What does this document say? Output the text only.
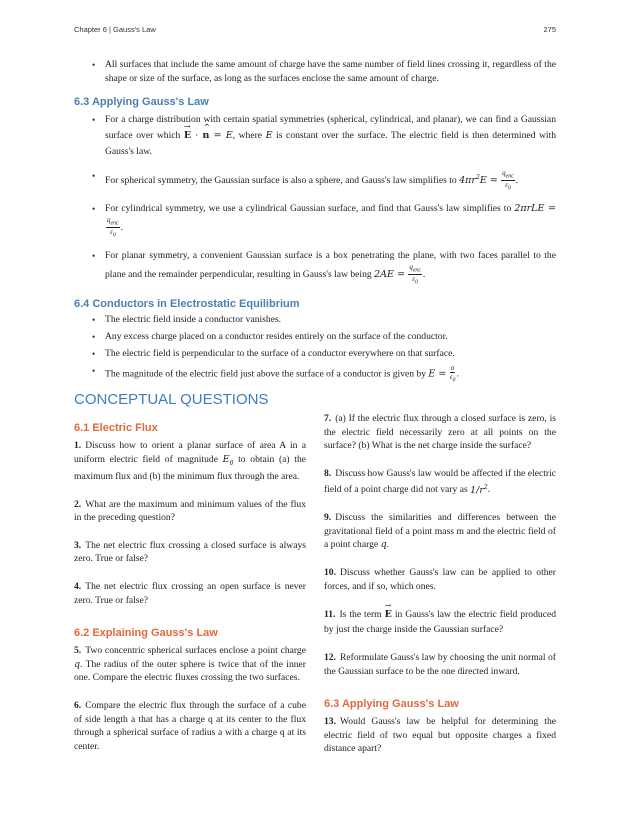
Chapter 6 | Gauss's Law	275
• All surfaces that include the same amount of charge have the same number of field lines crossing it, regardless of the shape or size of the surface, as long as the surfaces enclose the same amount of charge.
6.3 Applying Gauss's Law
• For a charge distribution with certain spatial symmetries (spherical, cylindrical, and planar), we can find a Gaussian surface over which → E · ^ n = E, where E is constant over the surface. The electric field is then determined with Gauss's law.
• For spherical symmetry, the Gaussian surface is also a sphere, and Gauss's law simplifies to $4\pi r^2E = \frac{q_{enc}}{\varepsilon_0}$ .
• For cylindrical symmetry, we use a cylindrical Gaussian surface, and find that Gauss's law simplifies to 2πrLE =
$\frac{q_{enc}}{\varepsilon_0}$ .
• For planar symmetry, a convenient Gaussian surface is a box penetrating the plane, with two faces parallel to the plane and the remainder perpendicular, resulting in Gauss's law being $2AE = \frac{q_{enc}}{\varepsilon_0}$ .
6.4 Conductors in Electrostatic Equilibrium
• The electric field inside a conductor vanishes.
• Any excess charge placed on a conductor resides entirely on the surface of the conductor.
• The electric field is perpendicular to the surface of a conductor everywhere on that surface.
• The magnitude of the electric field just above the surface of a conductor is given by $E = \frac{\sigma}{\varepsilon_0}$ .
CONCEPTUAL QUESTIONS
6.1 Electric Flux

1. Discuss how to orient a planar surface of area A in a uniform electric field of magnitude $E_0$ to obtain (a) the maximum flux and (b) the minimum flux through the area.

2. What are the maximum and minimum values of the flux in the preceding question?

3. The net electric flux crossing a closed surface is always zero. True or false?

4. The net electric flux crossing an open surface is never zero. True or false?

6.2 Explaining Gauss's Law

5. Two concentric spherical surfaces enclose a point charge q. The radius of the outer sphere is twice that of the inner one. Compare the electric fluxes crossing the two surfaces.

6. Compare the electric flux through the surface of a cube of side length a that has a charge q at its center to the flux through a spherical surface of radius a with a charge q at its center.

7. (a) If the electric flux through a closed surface is zero, is the electric field necessarily zero at all points on the surface? (b) What is the net charge inside the surface?

8. Discuss how Gauss's law would be affected if the electric field of a point charge did not vary as $1/r^2$.

9. Discuss the similarities and differences between the gravitational field of a point mass m and the electric field of a point charge q.

10. Discuss whether Gauss's law can be applied to other forces, and if so, which ones.

11. Is the term → E in Gauss's law the electric field produced by just the charge inside the Gaussian surface?

12. Reformulate Gauss's law by choosing the unit normal of the Gaussian surface to be the one directed inward.

6.3 Applying Gauss's Law

13. Would Gauss's law be helpful for determining the electric field of two equal but opposite charges a fixed distance apart?
